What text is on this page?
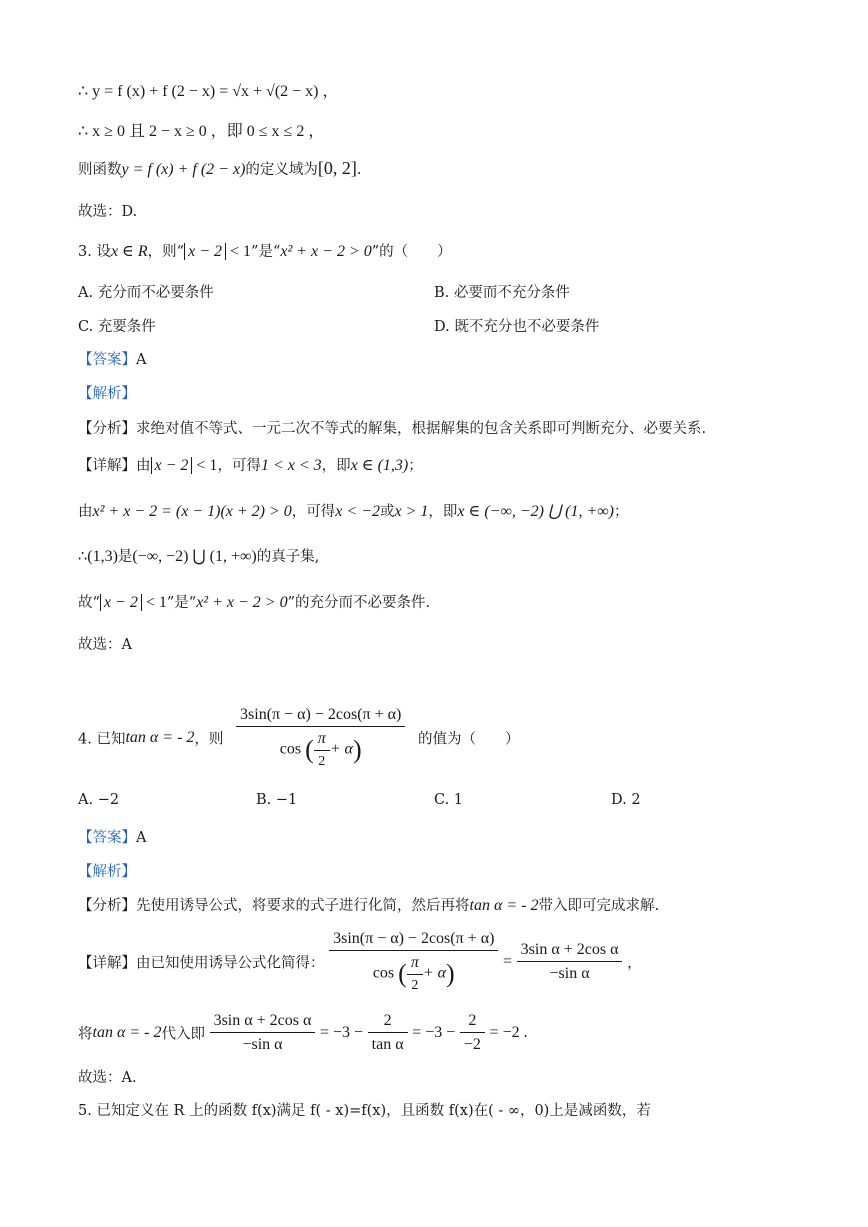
∴ y = f (x) + f (2 − x) = √x + √(2 − x) ，
∴ x ≥ 0 且 2 − x ≥ 0 ，即 0 ≤ x ≤ 2 ，
则函数y = f (x) + f (2 − x)的定义域为[0, 2].
故选：D.
3. 设x ∈ R，则“ x − 2 < 1”是“x² + x − 2 > 0”的（　　）
A. 充分而不必要条件	B. 必要而不充分条件
C. 充要条件	D. 既不充分也不必要条件
【答案】A
【解析】
【分析】求绝对值不等式、一元二次不等式的解集，根据解集的包含关系即可判断充分、必要关系.
【详解】由 x − 2 < 1，可得1 < x < 3，即x ∈ (1,3)；
由x² + x − 2 = (x − 1)(x + 2) > 0，可得x < −2或x > 1，即x ∈ (−∞, −2) ⋃ (1, +∞)；
∴(1,3)是(−∞, −2) ⋃ (1, +∞)的真子集,
故“ x − 2 < 1”是“x² + x − 2 > 0”的充分而不必要条件.
故选：A
4. 已知tan α = - 2，则 $\frac{3\sin(\pi - \alpha) - 2\cos(\pi + \alpha)}{\cos ( \frac{\pi}{2} + \alpha)}$ 的值为（　　）
A. −2	B. −1	C. 1	D. 2
【答案】A
【解析】
【分析】先使用诱导公式，将要求的式子进行化简，然后再将tan α = - 2带入即可完成求解.
【详解】由已知使用诱导公式化简得： $\frac{3\sin(\pi - \alpha) - 2\cos(\pi + \alpha)}{\cos ( \frac{\pi}{2} + \alpha)} = \frac{\text{3sin α + 2cos α}}{\text{−sin α}}$ ，
将tan α = - 2代入即 $\frac{\text{3sin α + 2cos α}}{\text{−sin α}} = -3 - \frac{2}{\text{tan α}} = -3 - \frac{2}{-2} = -2$ .
故选：A.
5. 已知定义在 R 上的函数 f(x)满足 f( - x)=f(x)，且函数 f(x)在( - ∞，0)上是减函数，若
